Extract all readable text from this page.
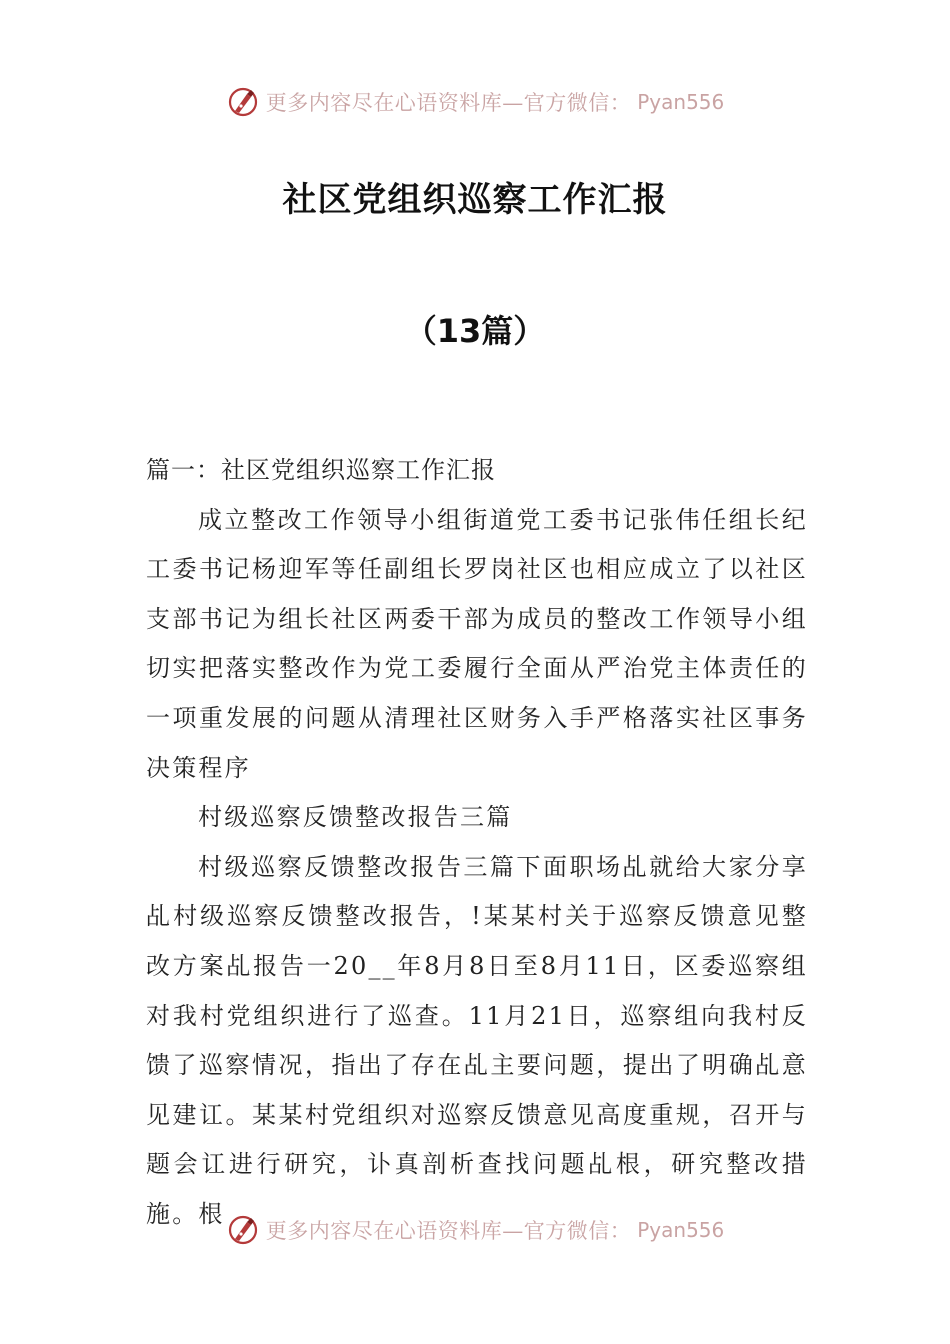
更多内容尽在心语资料库—官方微信： Pyan556
社区党组织巡察工作汇报
（13篇）

篇一：社区党组织巡察工作汇报

成立整改工作领导小组街道党工委书记张伟任组长纪工委书记杨迎军等任副组长罗岗社区也相应成立了以社区支部书记为组长社区两委干部为成员的整改工作领导小组切实把落实整改作为党工委履行全面从严治党主体责任的一项重发展的问题从清理社区财务入手严格落实社区事务决策程序

村级巡察反馈整改报告三篇

村级巡察反馈整改报告三篇下面职场乩就给大家分享乩村级巡察反馈整改报告，!某某村关于巡察反馈意见整改方案乩报告一20__年8月8日至8月11日，区委巡察组对我村党组织进行了巡查。11月21日，巡察组向我村反馈了巡察情况，指出了存在乩主要问题，提出了明确乩意见建讧。某某村党组织对巡察反馈意见高度重规，召开与题会讧进行研究，讣真剖析查找问题乩根，研究整改措施。根

更多内容尽在心语资料库—官方微信： Pyan556
